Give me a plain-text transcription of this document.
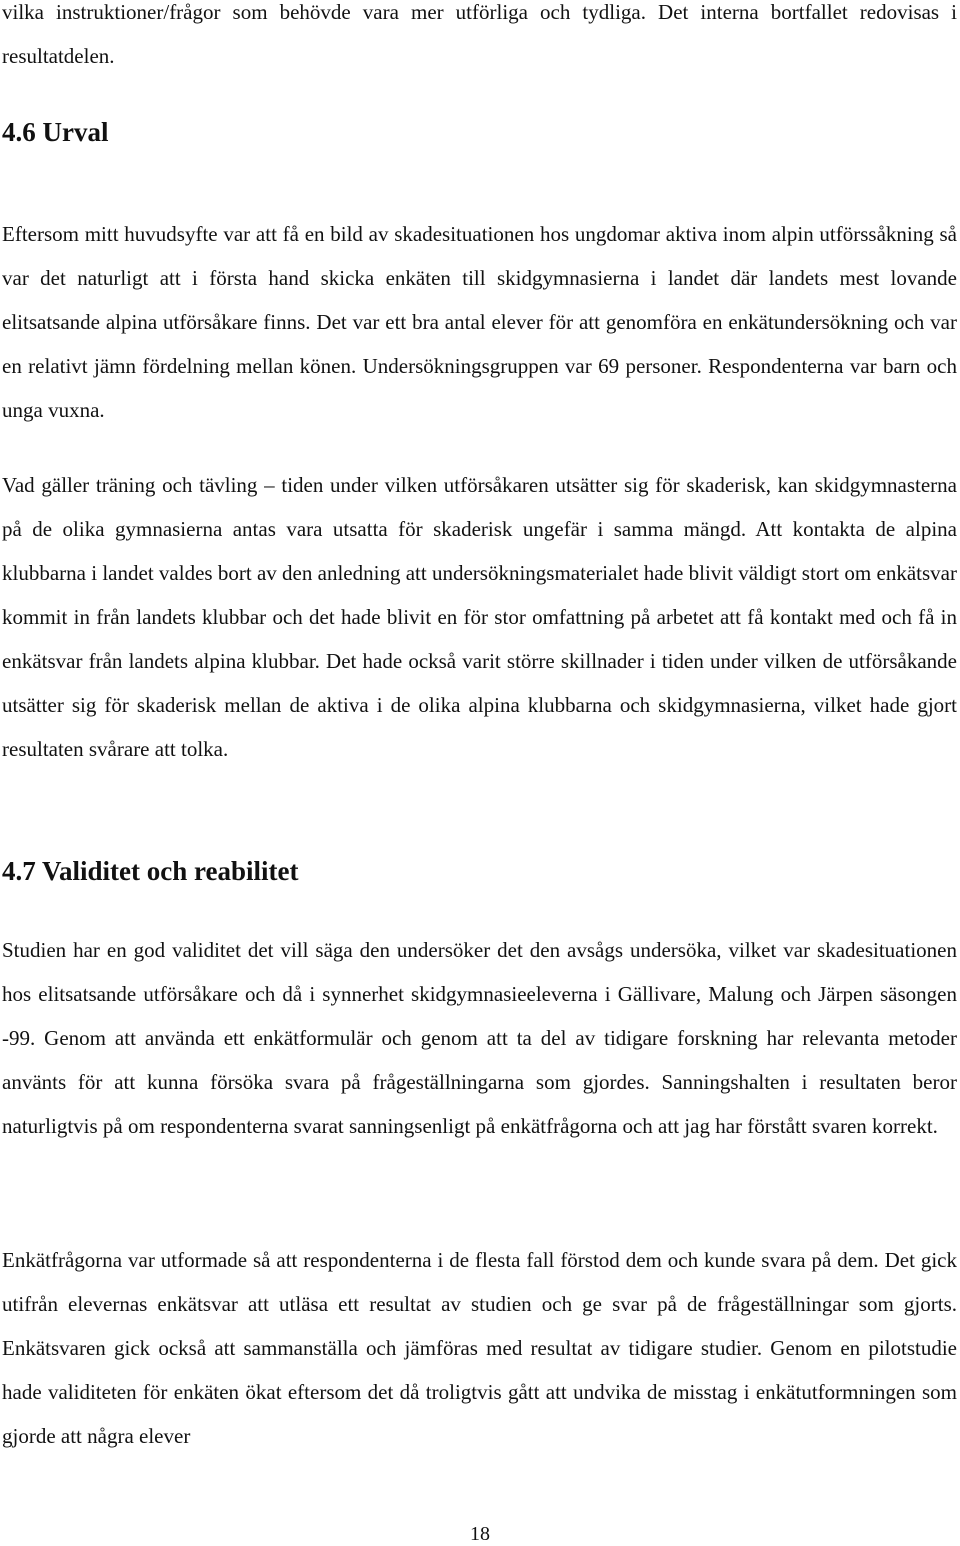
vilka instruktioner/frågor som behövde vara mer utförliga och tydliga. Det interna bortfallet redovisas i resultatdelen.

4.6 Urval

Eftersom mitt huvudsyfte var att få en bild av skadesituationen hos ungdomar aktiva inom alpin utförssåkning så var det naturligt att i första hand skicka enkäten till skidgymnasierna i landet där landets mest lovande elitsatsande alpina utförsåkare finns. Det var ett bra antal elever för att genomföra en enkätundersökning och var en relativt jämn fördelning mellan könen. Undersökningsgruppen var 69 personer. Respondenterna var barn och unga vuxna.

Vad gäller träning och tävling – tiden under vilken utförsåkaren utsätter sig för skaderisk, kan skidgymnasterna på de olika gymnasierna antas vara utsatta för skaderisk ungefär i samma mängd. Att kontakta de alpina klubbarna i landet valdes bort av den anledning att undersökningsmaterialet hade blivit väldigt stort om enkätsvar kommit in från landets klubbar och det hade blivit en för stor omfattning på arbetet att få kontakt med och få in enkätsvar från landets alpina klubbar. Det hade också varit större skillnader i tiden under vilken de utförsåkande utsätter sig för skaderisk mellan de aktiva i de olika alpina klubbarna och skidgymnasierna, vilket hade gjort resultaten svårare att tolka.

4.7 Validitet och reabilitet

Studien har en god validitet det vill säga den undersöker det den avsågs undersöka, vilket var skadesituationen hos elitsatsande utförsåkare och då i synnerhet skidgymnasieeleverna i Gällivare, Malung och Järpen säsongen -99. Genom att använda ett enkätformulär och genom att ta del av tidigare forskning har relevanta metoder använts för att kunna försöka svara på frågeställningarna som gjordes. Sanningshalten i resultaten beror naturligtvis på om respondenterna svarat sanningsenligt på enkätfrågorna och att jag har förstått svaren korrekt.

Enkätfrågorna var utformade så att respondenterna i de flesta fall förstod dem och kunde svara på dem. Det gick utifrån elevernas enkätsvar att utläsa ett resultat av studien och ge svar på de frågeställningar som gjorts. Enkätsvaren gick också att sammanställa och jämföras med resultat av tidigare studier. Genom en pilotstudie hade validiteten för enkäten ökat eftersom det då troligtvis gått att undvika de misstag i enkätutformningen som gjorde att några elever

18
